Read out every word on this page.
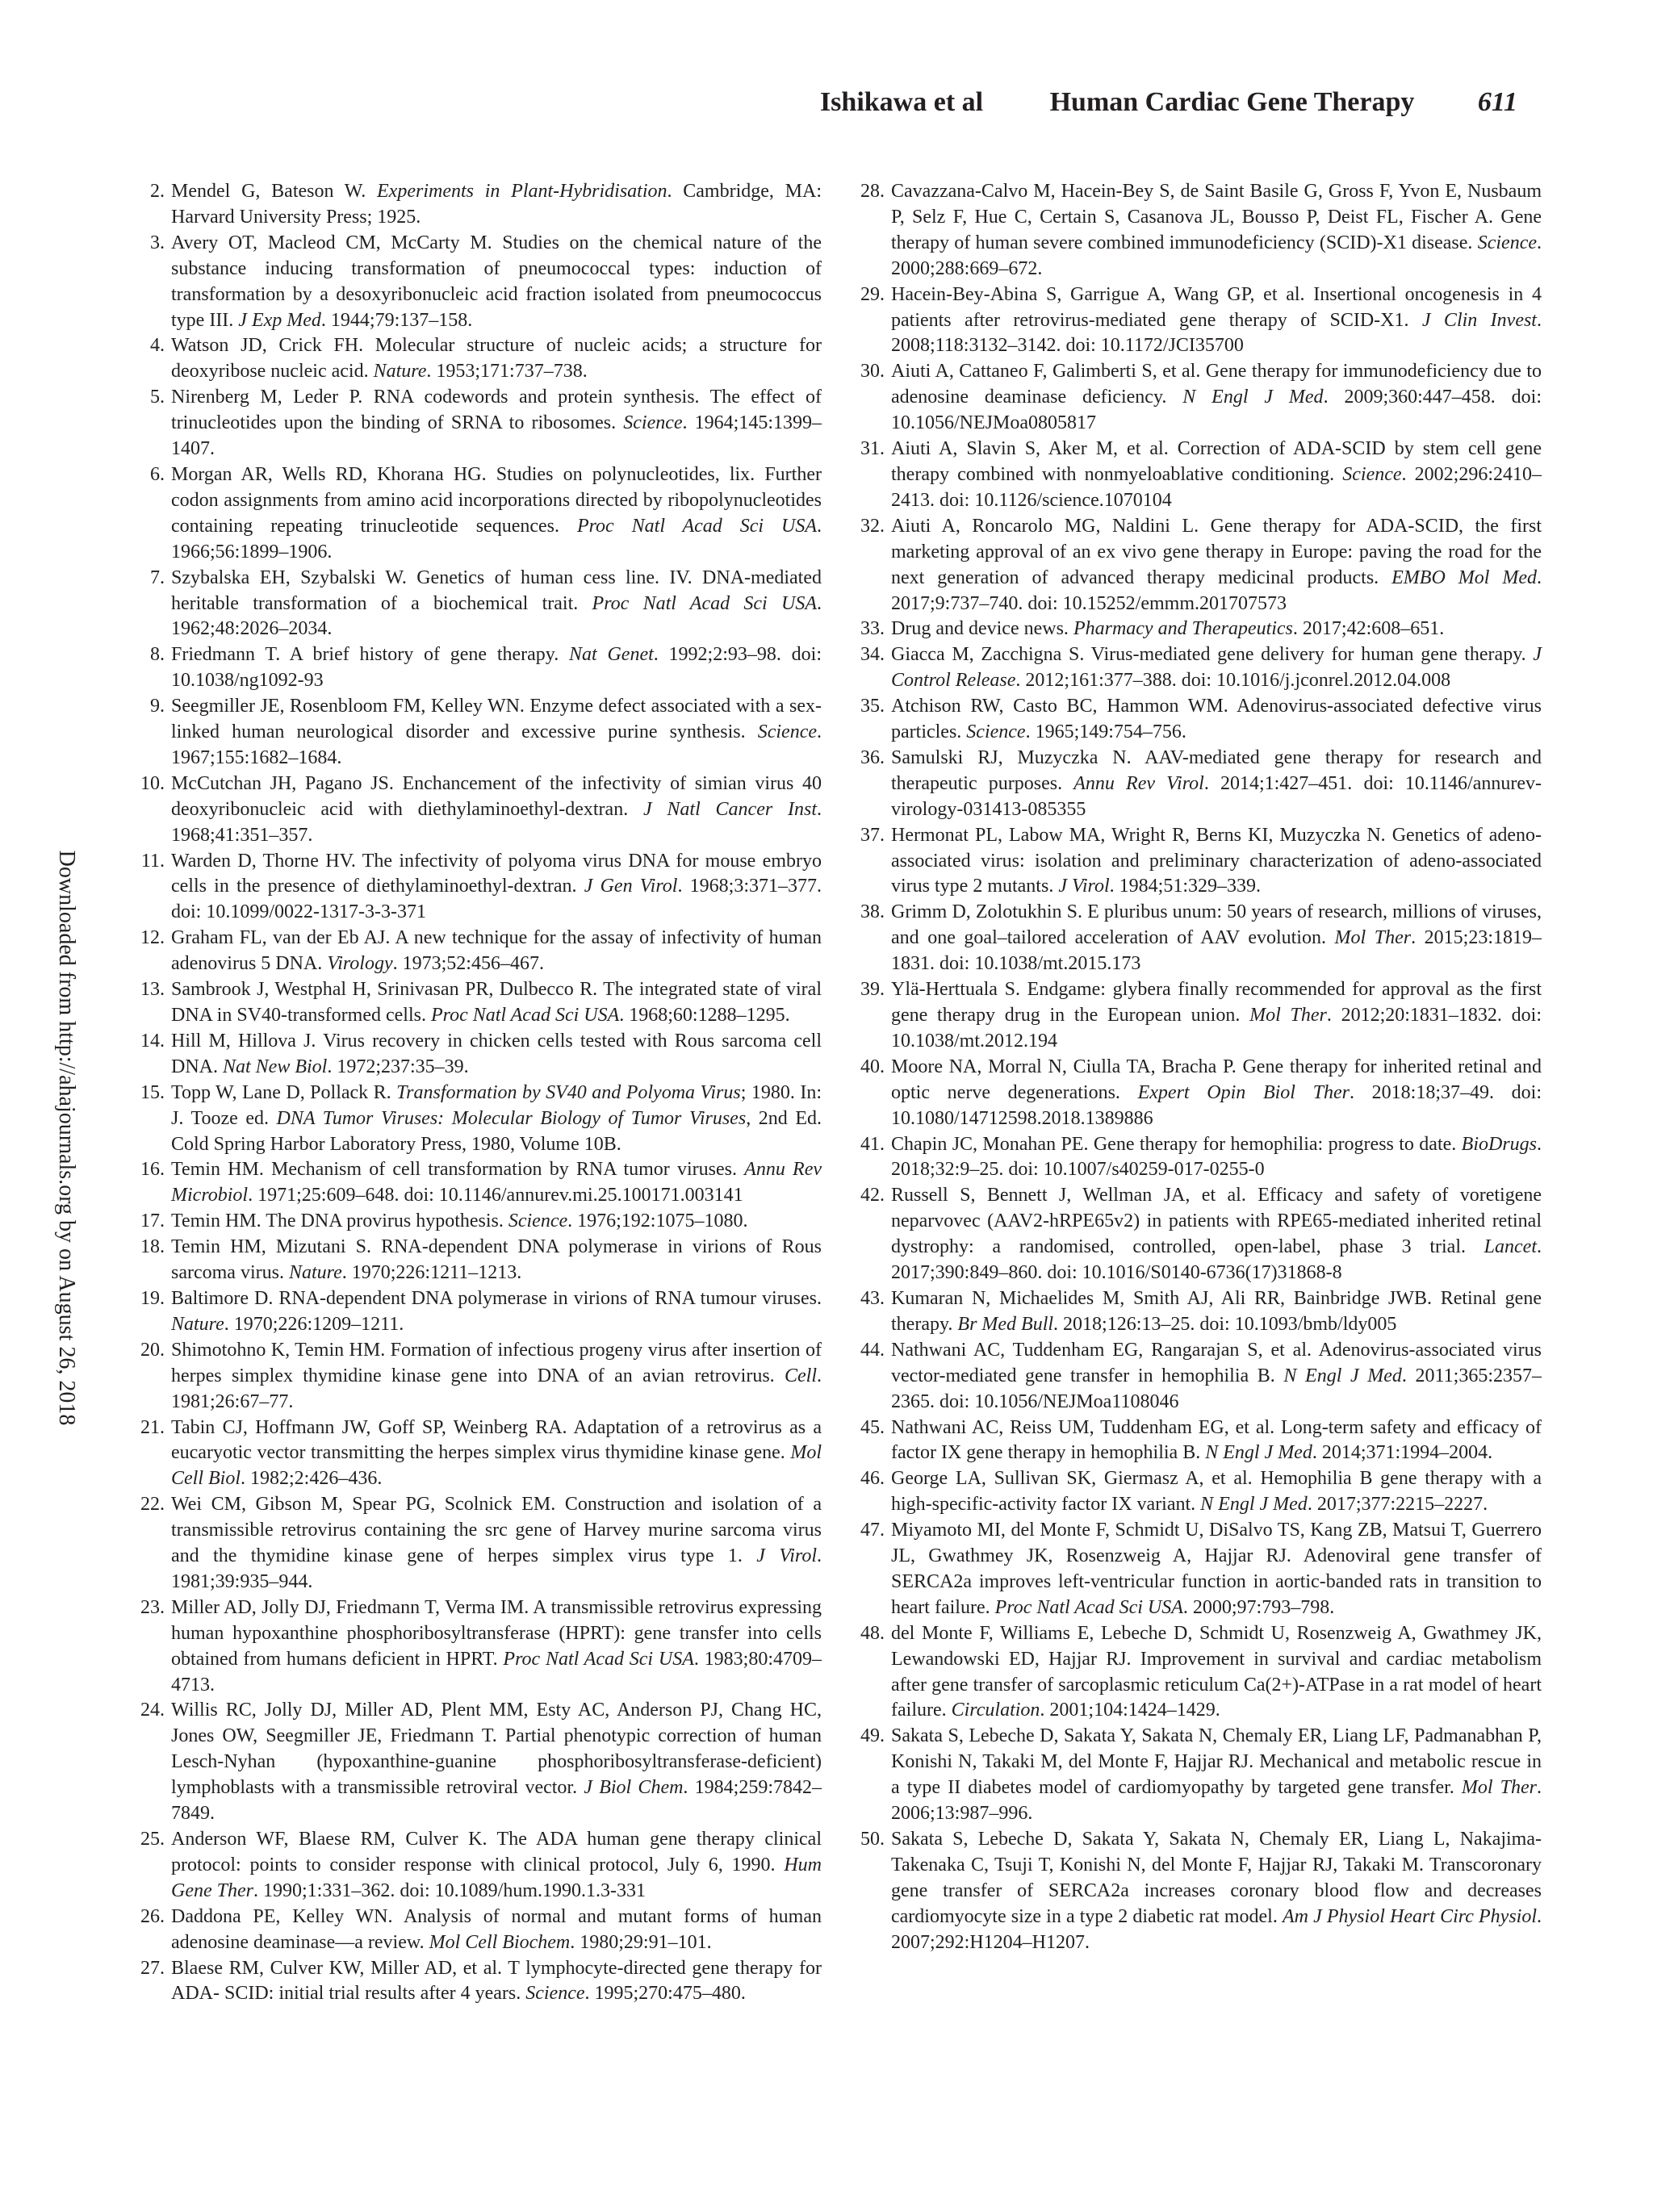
Ishikawa et al Human Cardiac Gene Therapy 611
Downloaded from http://ahajournals.org by on August 26, 2018

2. Mendel G, Bateson W. Experiments in Plant-Hybridisation. Cambridge, MA: Harvard University Press; 1925.

3. Avery OT, Macleod CM, McCarty M. Studies on the chemical nature of the substance inducing transformation of pneumococcal types: induction of transformation by a desoxyribonucleic acid fraction isolated from pneumococcus type III. J Exp Med. 1944;79:137–158.

4. Watson JD, Crick FH. Molecular structure of nucleic acids; a structure for deoxyribose nucleic acid. Nature. 1953;171:737–738.

5. Nirenberg M, Leder P. RNA codewords and protein synthesis. The effect of trinucleotides upon the binding of SRNA to ribosomes. Science. 1964;145:1399–1407.

6. Morgan AR, Wells RD, Khorana HG. Studies on polynucleotides, lix. Further codon assignments from amino acid incorporations directed by ribopolynucleotides containing repeating trinucleotide sequences. Proc Natl Acad Sci USA. 1966;56:1899–1906.

7. Szybalska EH, Szybalski W. Genetics of human cess line. IV. DNA-mediated heritable transformation of a biochemical trait. Proc Natl Acad Sci USA. 1962;48:2026–2034.

8. Friedmann T. A brief history of gene therapy. Nat Genet. 1992;2:93–98. doi: 10.1038/ng1092-93

9. Seegmiller JE, Rosenbloom FM, Kelley WN. Enzyme defect associated with a sex-linked human neurological disorder and excessive purine synthesis. Science. 1967;155:1682–1684.

10. McCutchan JH, Pagano JS. Enchancement of the infectivity of simian virus 40 deoxyribonucleic acid with diethylaminoethyl-dextran. J Natl Cancer Inst. 1968;41:351–357.

11. Warden D, Thorne HV. The infectivity of polyoma virus DNA for mouse embryo cells in the presence of diethylaminoethyl-dextran. J Gen Virol. 1968;3:371–377. doi: 10.1099/0022-1317-3-3-371

12. Graham FL, van der Eb AJ. A new technique for the assay of infectivity of human adenovirus 5 DNA. Virology. 1973;52:456–467.

13. Sambrook J, Westphal H, Srinivasan PR, Dulbecco R. The integrated state of viral DNA in SV40-transformed cells. Proc Natl Acad Sci USA. 1968;60:1288–1295.

14. Hill M, Hillova J. Virus recovery in chicken cells tested with Rous sarcoma cell DNA. Nat New Biol. 1972;237:35–39.

15. Topp W, Lane D, Pollack R. Transformation by SV40 and Polyoma Virus; 1980. In: J. Tooze ed. DNA Tumor Viruses: Molecular Biology of Tumor Viruses, 2nd Ed. Cold Spring Harbor Laboratory Press, 1980, Volume 10B.

16. Temin HM. Mechanism of cell transformation by RNA tumor viruses. Annu Rev Microbiol. 1971;25:609–648. doi: 10.1146/annurev.mi.25.100171.003141

17. Temin HM. The DNA provirus hypothesis. Science. 1976;192:1075–1080.

18. Temin HM, Mizutani S. RNA-dependent DNA polymerase in virions of Rous sarcoma virus. Nature. 1970;226:1211–1213.

19. Baltimore D. RNA-dependent DNA polymerase in virions of RNA tumour viruses. Nature. 1970;226:1209–1211.

20. Shimotohno K, Temin HM. Formation of infectious progeny virus after insertion of herpes simplex thymidine kinase gene into DNA of an avian retrovirus. Cell. 1981;26:67–77.

21. Tabin CJ, Hoffmann JW, Goff SP, Weinberg RA. Adaptation of a retrovirus as a eucaryotic vector transmitting the herpes simplex virus thymidine kinase gene. Mol Cell Biol. 1982;2:426–436.

22. Wei CM, Gibson M, Spear PG, Scolnick EM. Construction and isolation of a transmissible retrovirus containing the src gene of Harvey murine sarcoma virus and the thymidine kinase gene of herpes simplex virus type 1. J Virol. 1981;39:935–944.

23. Miller AD, Jolly DJ, Friedmann T, Verma IM. A transmissible retrovirus expressing human hypoxanthine phosphoribosyltransferase (HPRT): gene transfer into cells obtained from humans deficient in HPRT. Proc Natl Acad Sci USA. 1983;80:4709–4713.

24. Willis RC, Jolly DJ, Miller AD, Plent MM, Esty AC, Anderson PJ, Chang HC, Jones OW, Seegmiller JE, Friedmann T. Partial phenotypic correction of human Lesch-Nyhan (hypoxanthine-guanine phosphoribosyltransferase-deficient) lymphoblasts with a transmissible retroviral vector. J Biol Chem. 1984;259:7842–7849.

25. Anderson WF, Blaese RM, Culver K. The ADA human gene therapy clinical protocol: points to consider response with clinical protocol, July 6, 1990. Hum Gene Ther. 1990;1:331–362. doi: 10.1089/hum.1990.1.3-331

26. Daddona PE, Kelley WN. Analysis of normal and mutant forms of human adenosine deaminase—a review. Mol Cell Biochem. 1980;29:91–101.

27. Blaese RM, Culver KW, Miller AD, et al. T lymphocyte-directed gene therapy for ADA- SCID: initial trial results after 4 years. Science. 1995;270:475–480.

28. Cavazzana-Calvo M, Hacein-Bey S, de Saint Basile G, Gross F, Yvon E, Nusbaum P, Selz F, Hue C, Certain S, Casanova JL, Bousso P, Deist FL, Fischer A. Gene therapy of human severe combined immunodeficiency (SCID)-X1 disease. Science. 2000;288:669–672.

29. Hacein-Bey-Abina S, Garrigue A, Wang GP, et al. Insertional oncogenesis in 4 patients after retrovirus-mediated gene therapy of SCID-X1. J Clin Invest. 2008;118:3132–3142. doi: 10.1172/JCI35700

30. Aiuti A, Cattaneo F, Galimberti S, et al. Gene therapy for immunodeficiency due to adenosine deaminase deficiency. N Engl J Med. 2009;360:447–458. doi: 10.1056/NEJMoa0805817

31. Aiuti A, Slavin S, Aker M, et al. Correction of ADA-SCID by stem cell gene therapy combined with nonmyeloablative conditioning. Science. 2002;296:2410–2413. doi: 10.1126/science.1070104

32. Aiuti A, Roncarolo MG, Naldini L. Gene therapy for ADA-SCID, the first marketing approval of an ex vivo gene therapy in Europe: paving the road for the next generation of advanced therapy medicinal products. EMBO Mol Med. 2017;9:737–740. doi: 10.15252/emmm.201707573

33. Drug and device news. Pharmacy and Therapeutics. 2017;42:608–651.

34. Giacca M, Zacchigna S. Virus-mediated gene delivery for human gene therapy. J Control Release. 2012;161:377–388. doi: 10.1016/j.jconrel.2012.04.008

35. Atchison RW, Casto BC, Hammon WM. Adenovirus-associated defective virus particles. Science. 1965;149:754–756.

36. Samulski RJ, Muzyczka N. AAV-mediated gene therapy for research and therapeutic purposes. Annu Rev Virol. 2014;1:427–451. doi: 10.1146/annurev-virology-031413-085355

37. Hermonat PL, Labow MA, Wright R, Berns KI, Muzyczka N. Genetics of adeno-associated virus: isolation and preliminary characterization of adeno-associated virus type 2 mutants. J Virol. 1984;51:329–339.

38. Grimm D, Zolotukhin S. E pluribus unum: 50 years of research, millions of viruses, and one goal–tailored acceleration of AAV evolution. Mol Ther. 2015;23:1819–1831. doi: 10.1038/mt.2015.173

39. Ylä-Herttuala S. Endgame: glybera finally recommended for approval as the first gene therapy drug in the European union. Mol Ther. 2012;20:1831–1832. doi: 10.1038/mt.2012.194

40. Moore NA, Morral N, Ciulla TA, Bracha P. Gene therapy for inherited retinal and optic nerve degenerations. Expert Opin Biol Ther. 2018:18;37–49. doi: 10.1080/14712598.2018.1389886

41. Chapin JC, Monahan PE. Gene therapy for hemophilia: progress to date. BioDrugs. 2018;32:9–25. doi: 10.1007/s40259-017-0255-0

42. Russell S, Bennett J, Wellman JA, et al. Efficacy and safety of voretigene neparvovec (AAV2-hRPE65v2) in patients with RPE65-mediated inherited retinal dystrophy: a randomised, controlled, open-label, phase 3 trial. Lancet. 2017;390:849–860. doi: 10.1016/S0140-6736(17)31868-8

43. Kumaran N, Michaelides M, Smith AJ, Ali RR, Bainbridge JWB. Retinal gene therapy. Br Med Bull. 2018;126:13–25. doi: 10.1093/bmb/ldy005

44. Nathwani AC, Tuddenham EG, Rangarajan S, et al. Adenovirus-associated virus vector-mediated gene transfer in hemophilia B. N Engl J Med. 2011;365:2357–2365. doi: 10.1056/NEJMoa1108046

45. Nathwani AC, Reiss UM, Tuddenham EG, et al. Long-term safety and efficacy of factor IX gene therapy in hemophilia B. N Engl J Med. 2014;371:1994–2004.

46. George LA, Sullivan SK, Giermasz A, et al. Hemophilia B gene therapy with a high-specific-activity factor IX variant. N Engl J Med. 2017;377:2215–2227.

47. Miyamoto MI, del Monte F, Schmidt U, DiSalvo TS, Kang ZB, Matsui T, Guerrero JL, Gwathmey JK, Rosenzweig A, Hajjar RJ. Adenoviral gene transfer of SERCA2a improves left-ventricular function in aortic-banded rats in transition to heart failure. Proc Natl Acad Sci USA. 2000;97:793–798.

48. del Monte F, Williams E, Lebeche D, Schmidt U, Rosenzweig A, Gwathmey JK, Lewandowski ED, Hajjar RJ. Improvement in survival and cardiac metabolism after gene transfer of sarcoplasmic reticulum Ca(2+)-ATPase in a rat model of heart failure. Circulation. 2001;104:1424–1429.

49. Sakata S, Lebeche D, Sakata Y, Sakata N, Chemaly ER, Liang LF, Padmanabhan P, Konishi N, Takaki M, del Monte F, Hajjar RJ. Mechanical and metabolic rescue in a type II diabetes model of cardiomyopathy by targeted gene transfer. Mol Ther. 2006;13:987–996.

50. Sakata S, Lebeche D, Sakata Y, Sakata N, Chemaly ER, Liang L, Nakajima-Takenaka C, Tsuji T, Konishi N, del Monte F, Hajjar RJ, Takaki M. Transcoronary gene transfer of SERCA2a increases coronary blood flow and decreases cardiomyocyte size in a type 2 diabetic rat model. Am J Physiol Heart Circ Physiol. 2007;292:H1204–H1207.
